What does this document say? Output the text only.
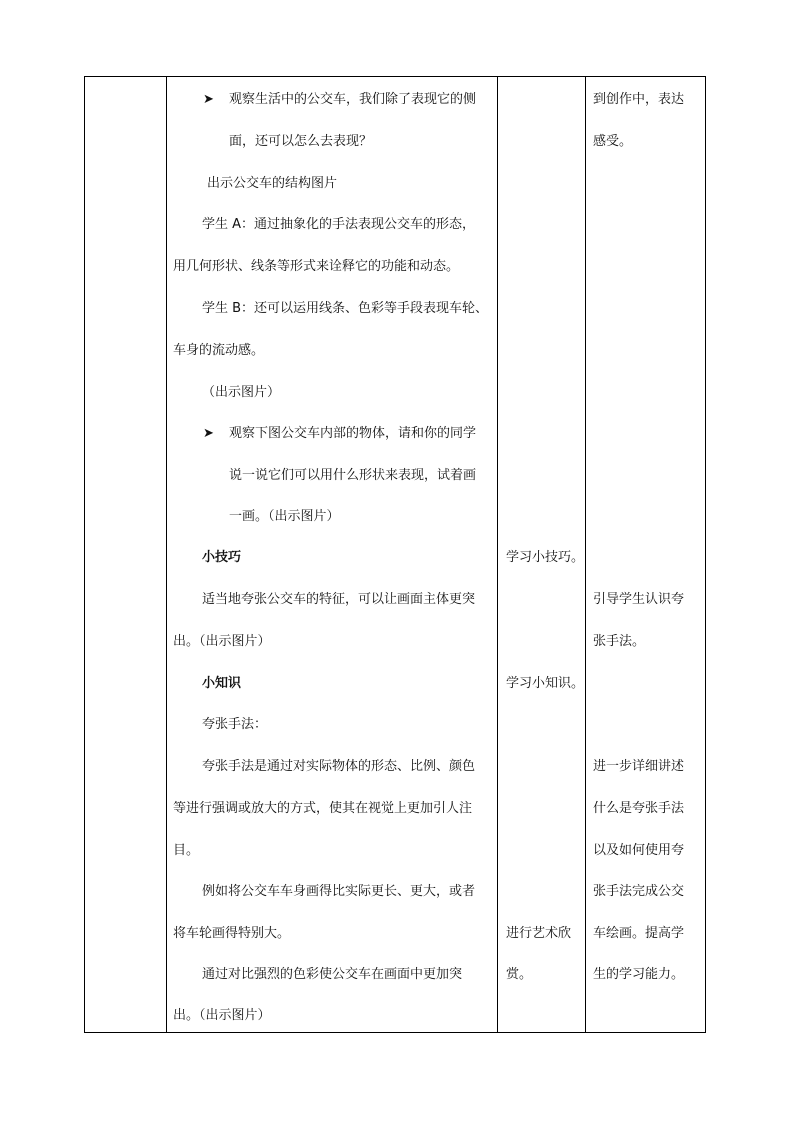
➤ 观察生活中的公交车，我们除了表现它的侧
面，还可以怎么去表现？
出示公交车的结构图片
学生 A：通过抽象化的手法表现公交车的形态，
用几何形状、线条等形式来诠释它的功能和动态。
学生 B：还可以运用线条、色彩等手段表现车轮、
车身的流动感。
（出示图片）
➤ 观察下图公交车内部的物体，请和你的同学
说一说它们可以用什么形状来表现，试着画
一画。（出示图片）
小技巧
适当地夸张公交车的特征，可以让画面主体更突
出。（出示图片）
小知识
夸张手法：
夸张手法是通过对实际物体的形态、比例、颜色
等进行强调或放大的方式，使其在视觉上更加引人注
目。
例如将公交车车身画得比实际更长、更大，或者
将车轮画得特别大。
通过对比强烈的色彩使公交车在画面中更加突
出。（出示图片）
学习小技巧。
学习小知识。
进行艺术欣
赏。
到创作中，表达
感受。
引导学生认识夸
张手法。
进一步详细讲述
什么是夸张手法
以及如何使用夸
张手法完成公交
车绘画。提高学
生的学习能力。
